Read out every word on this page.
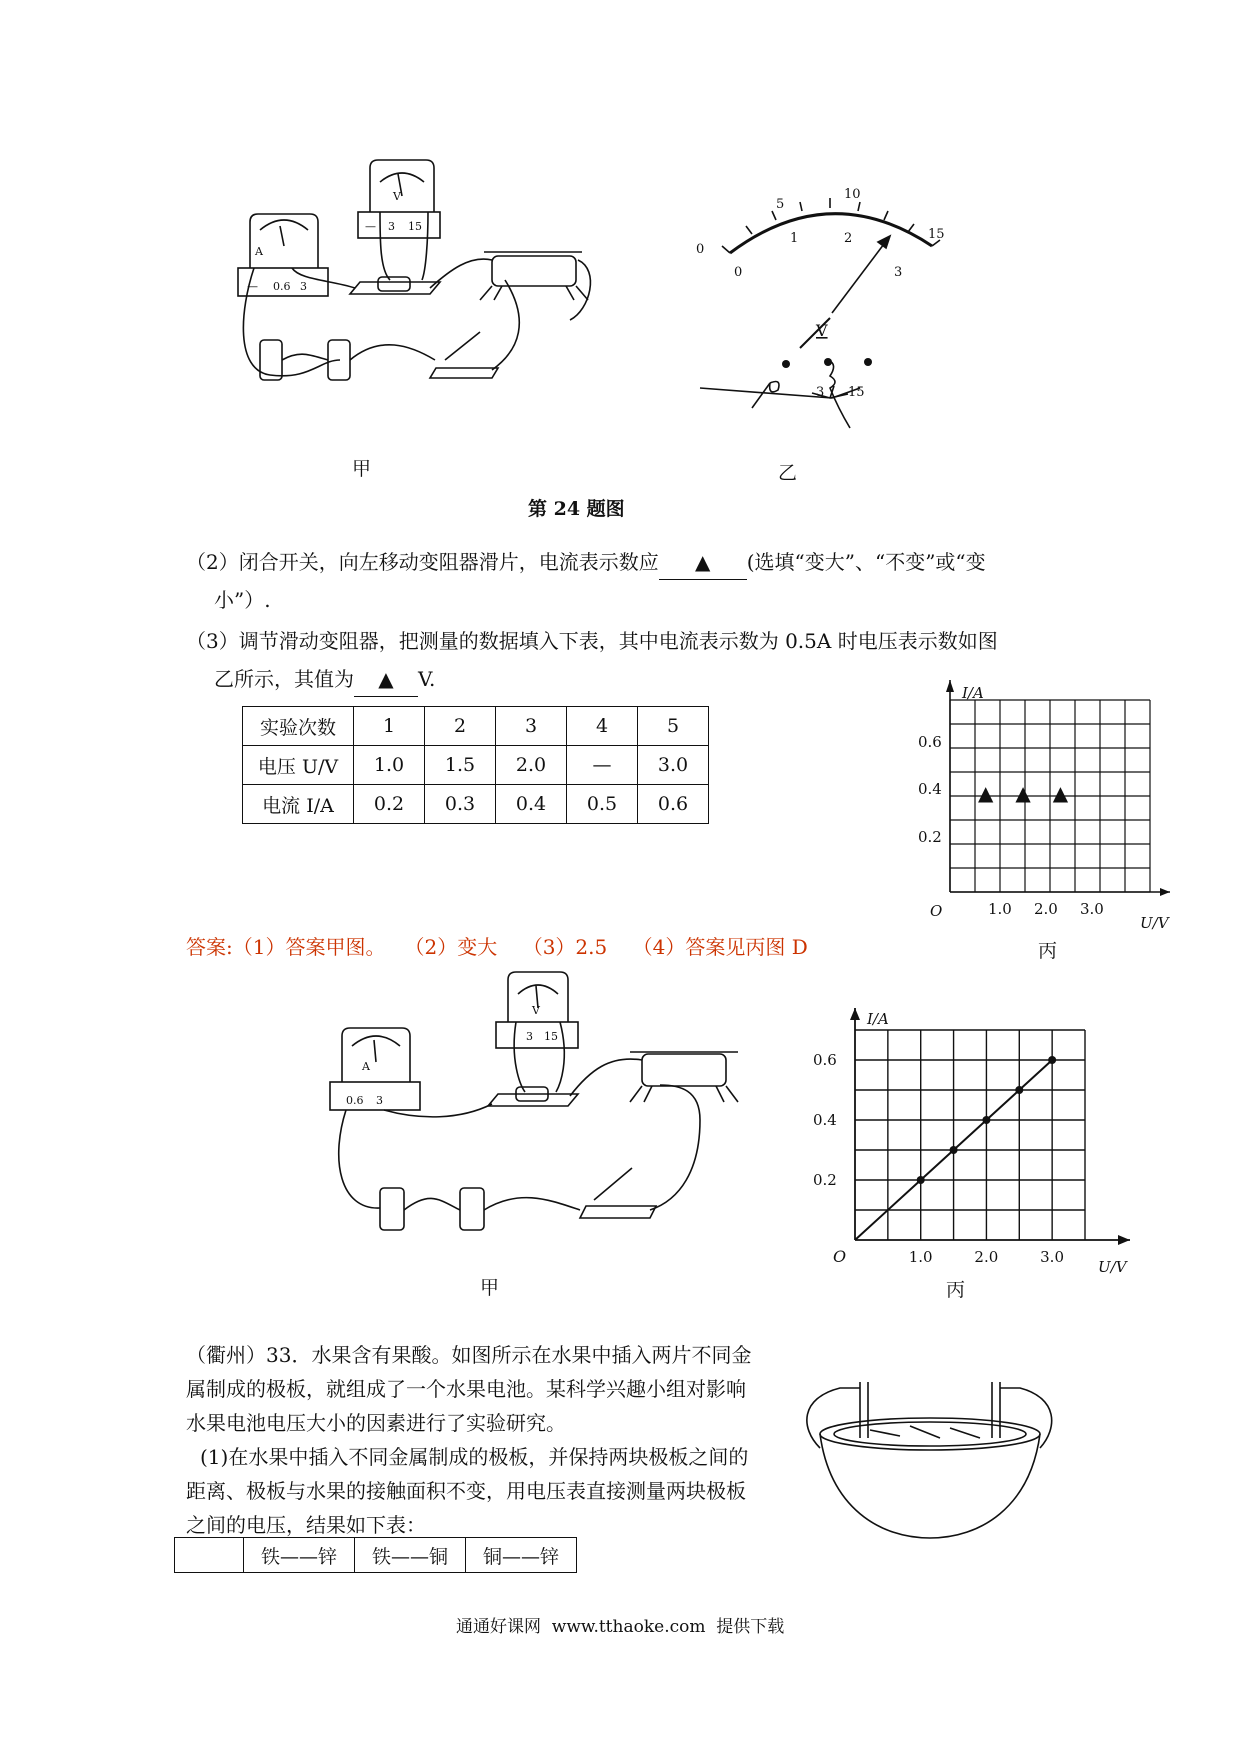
A
— 0.6 3
V
— 3 15
甲
0
5
10
15
0
1	2
3
V
3 15
乙
第 24 题图
（2）闭合开关，向左移动变阻器滑片，电流表示数应 ▲ (选填“变大”、“不变”或“变
小”）.
（3）调节滑动变阻器，把测量的数据填入下表，其中电流表示数为 0.5A 时电压表示数如图
乙所示，其值为 ▲ V.
实验次数	1	2	3	4	5
电压 U/V	1.0	1.5	2.0	—	3.0
电流 I/A	0.2	0.3	0.4	0.5	0.6
I/A
U/V
O	1.0 2.0 3.0
0.2
0.4
0.6
▲▲▲
丙
答案:（1）答案甲图。   （2）变大    （3）2.5    （4）答案见丙图 D
A
0.6 3
V
3 15
甲
I/A
U/V
O	1.0	2.0	3.0
0.2
0.4
0.6
丙
（衢州）33．水果含有果酸。如图所示在水果中插入两片不同金
属制成的极板，就组成了一个水果电池。某科学兴趣小组对影响
水果电池电压大小的因素进行了实验研究。
(1)在水果中插入不同金属制成的极板，并保持两块极板之间的
距离、极板与水果的接触面积不变，用电压表直接测量两块极板
之间的电压，结果如下表：
	铁——锌	铁——铜	铜——锌
通通好课网  www.tthaoke.com  提供下载
